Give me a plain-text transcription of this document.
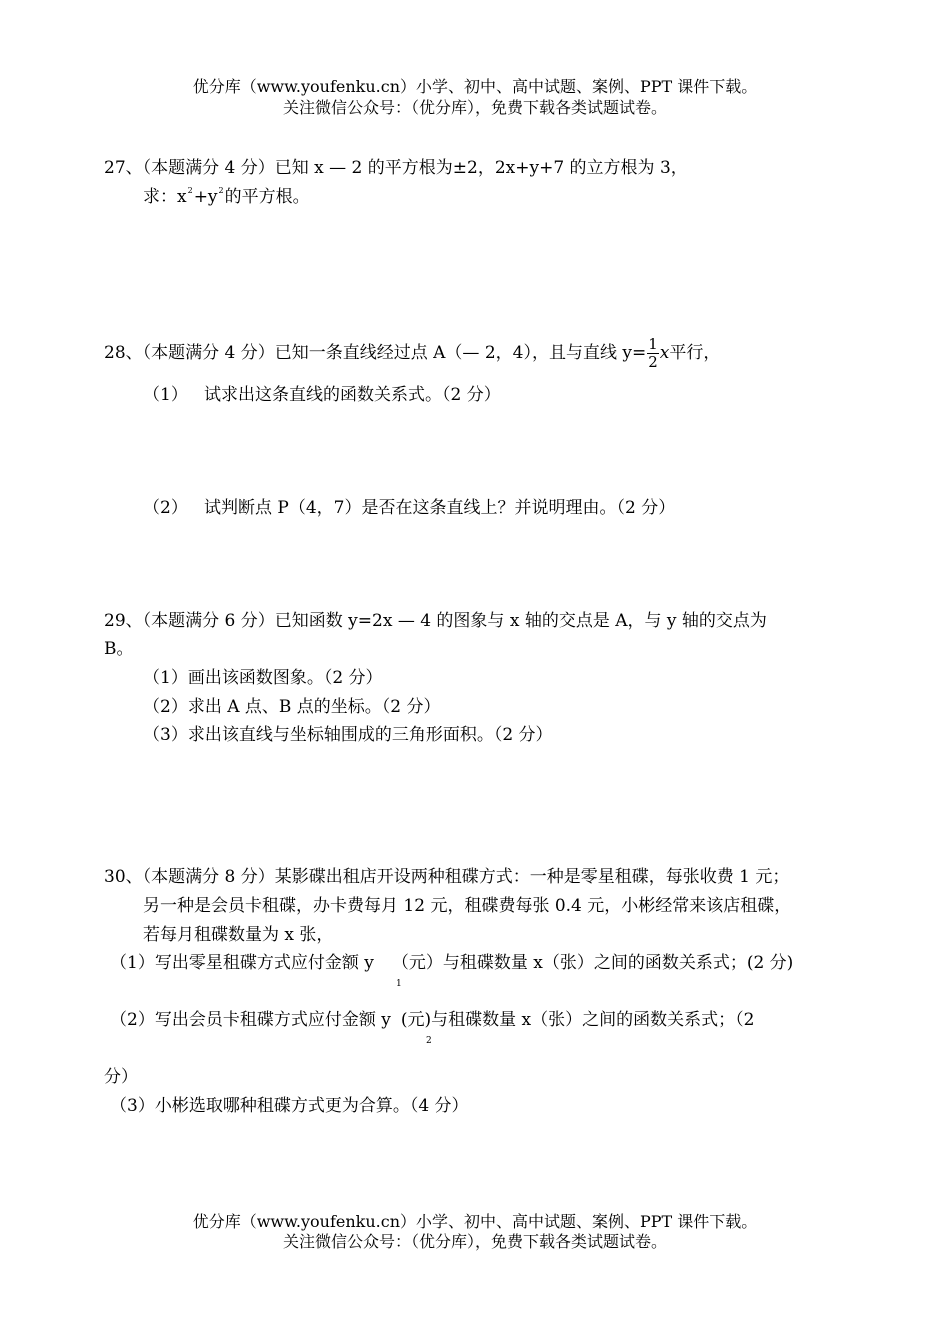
优分库（www.youfenku.cn）小学、初中、高中试题、案例、PPT 课件下载。
关注微信公众号：（优分库），免费下载各类试题试卷。
27、（本题满分 4 分）已知 x — 2 的平方根为±2，2x+y+7 的立方根为 3，
求：$x^2+y^2$的平方根。
28、（本题满分 4 分）已知一条直线经过点 A（— 2，4），且与直线 $y= \frac{1}{2}$ x平行，
（1）   试求出这条直线的函数关系式。（2 分）
（2）   试判断点 P（4，7）是否在这条直线上？并说明理由。（2 分）
29、（本题满分 6 分）已知函数 y=2x — 4 的图象与 x 轴的交点是 A，与 y 轴的交点为
B。
（1）画出该函数图象。（2 分）
（2）求出 A 点、B 点的坐标。（2 分）
（3）求出该直线与坐标轴围成的三角形面积。（2 分）
30、（本题满分 8 分）某影碟出租店开设两种租碟方式：一种是零星租碟，每张收费 1 元；
另一种是会员卡租碟，办卡费每月 12 元，租碟费每张 0.4 元，小彬经常来该店租碟，
若每月租碟数量为 x 张，
（1）写出零星租碟方式应付金额 y （元）与租碟数量 x（张）之间的函数关系式；(2 分)
1
（2）写出会员卡租碟方式应付金额 y (元)与租碟数量 x（张）之间的函数关系式；（2
2
分）
（3）小彬选取哪种租碟方式更为合算。（4 分）
优分库（www.youfenku.cn）小学、初中、高中试题、案例、PPT 课件下载。
关注微信公众号：（优分库），免费下载各类试题试卷。
